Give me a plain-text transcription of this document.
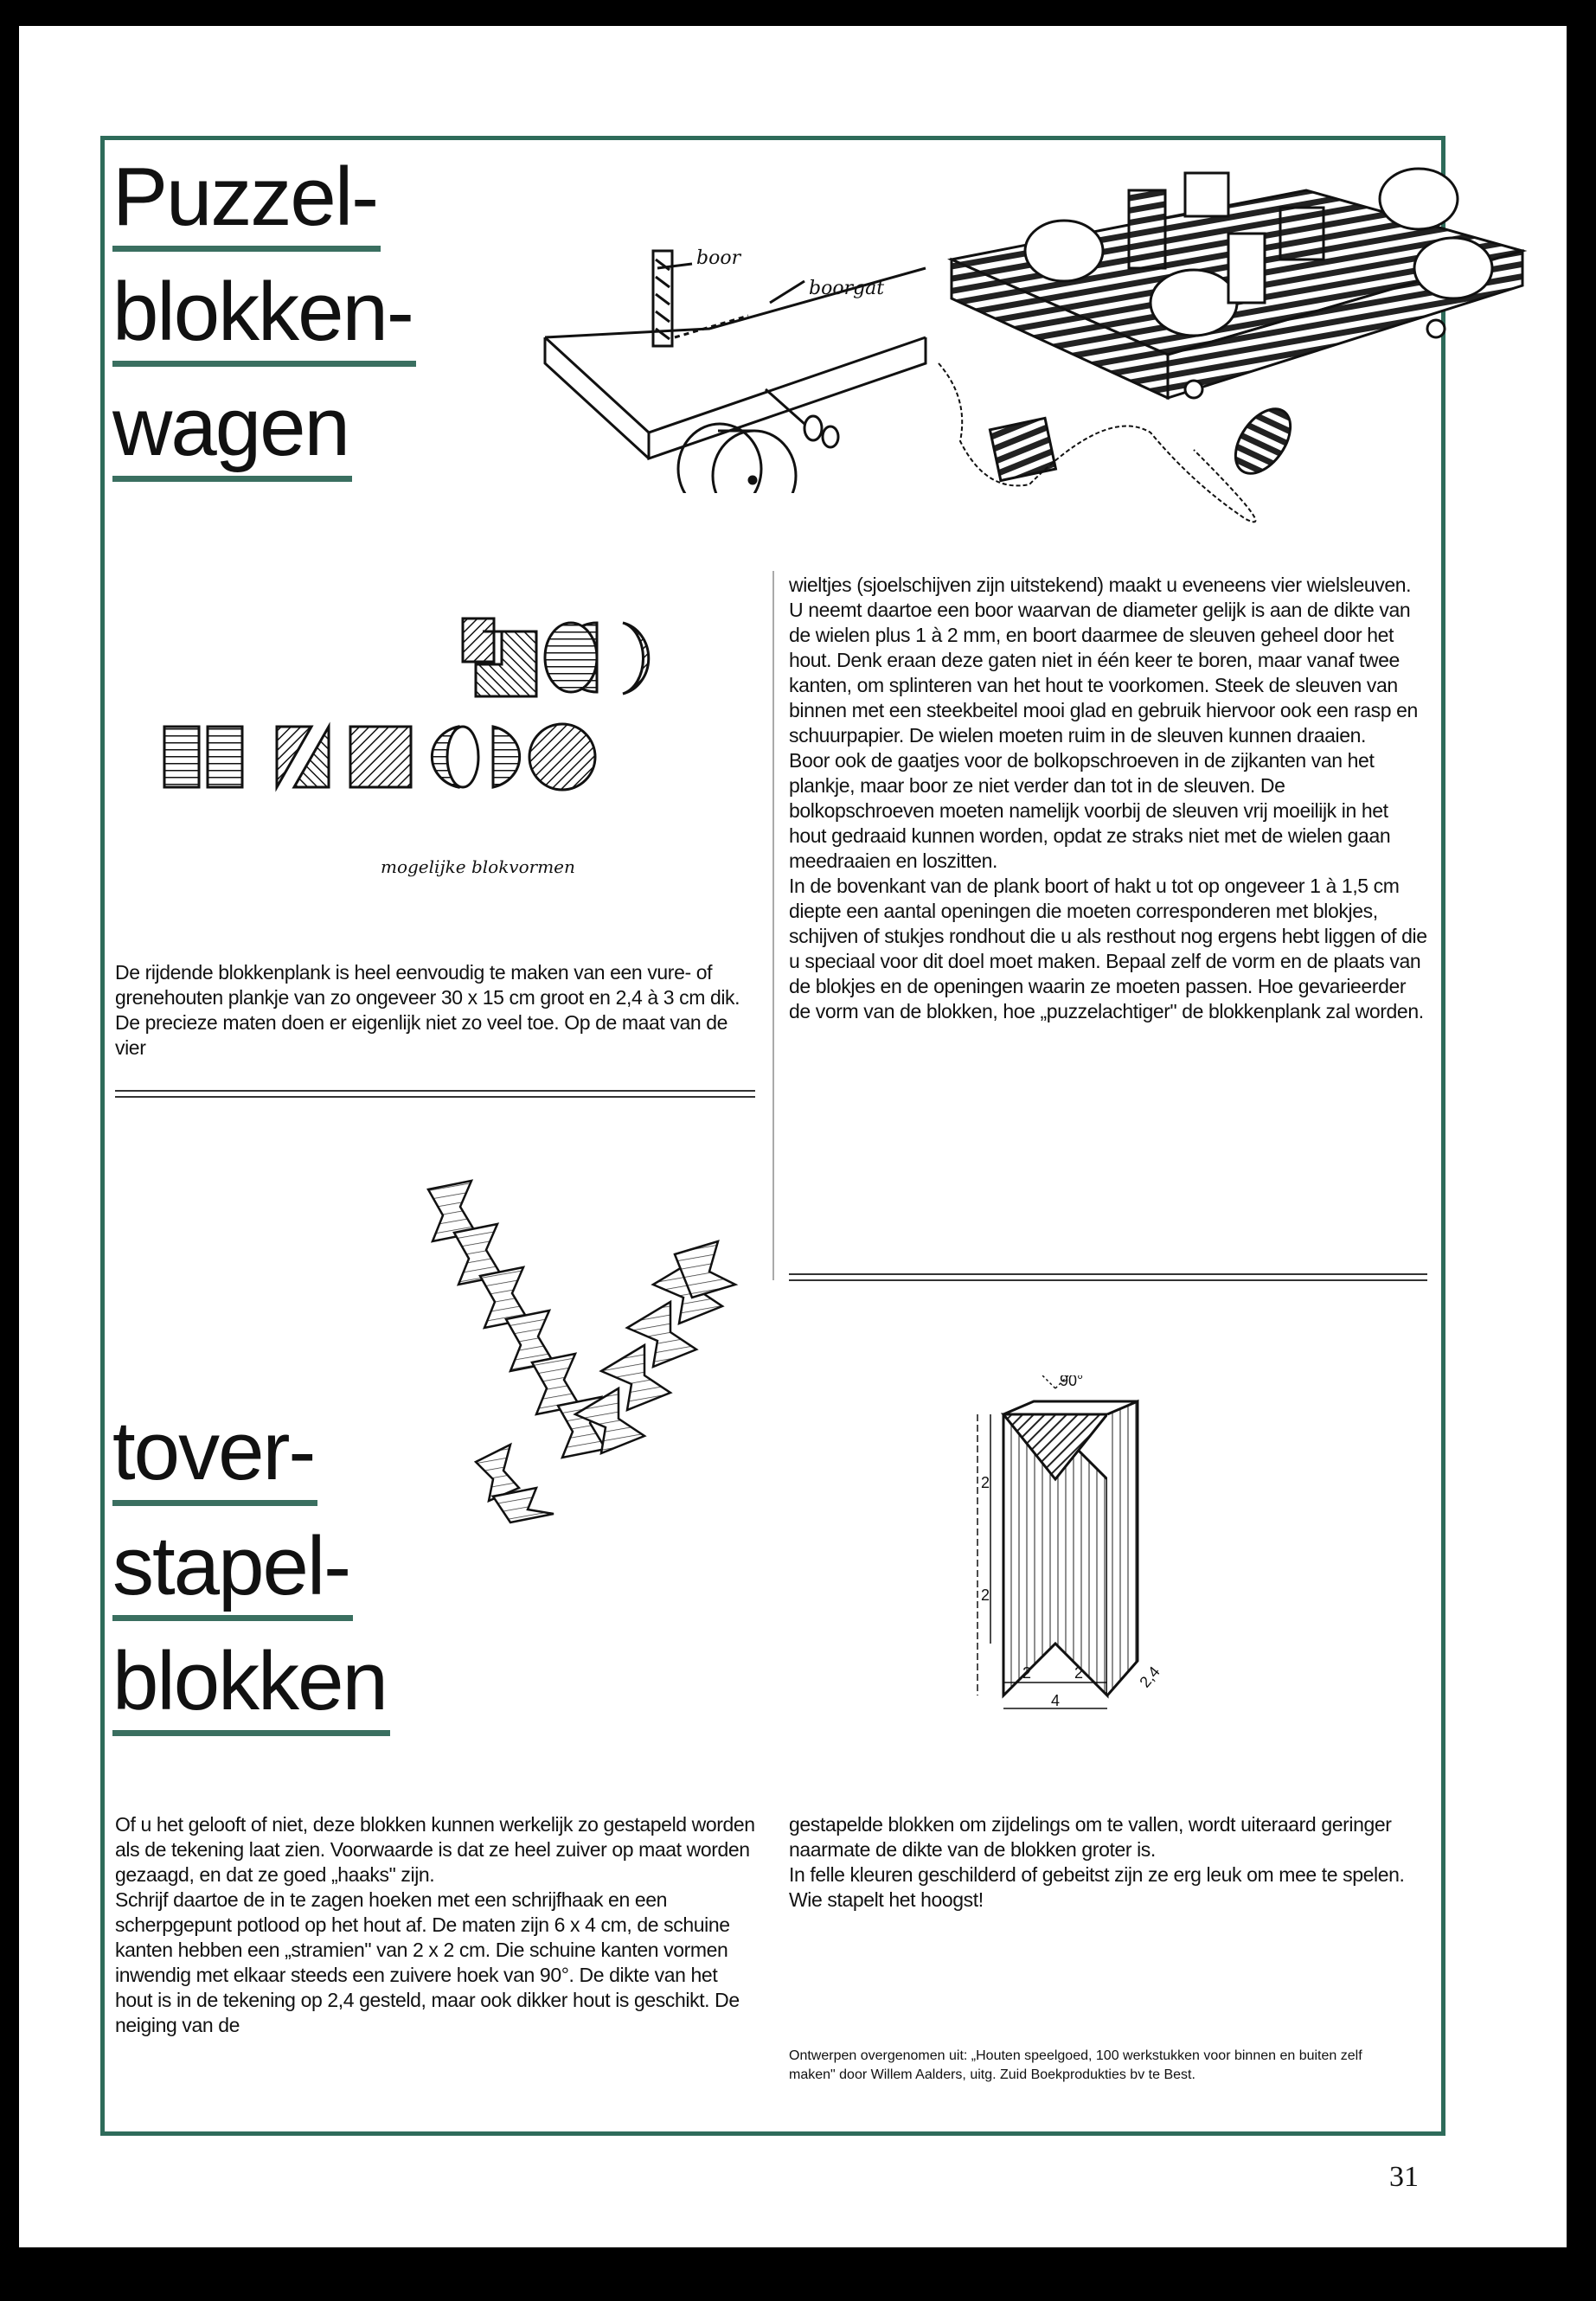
Puzzel-
blokken-
wagen
boor
boorgat
mogelijke blokvormen

De rijdende blokkenplank is heel eenvoudig te maken van een vure- of grenehouten plankje van zo ongeveer 30 x 15 cm groot en 2,4 à 3 cm dik. De precieze maten doen er eigenlijk niet zo veel toe. Op de maat van de vier

wieltjes (sjoelschijven zijn uitstekend) maakt u eveneens vier wielsleuven. U neemt daartoe een boor waarvan de diameter gelijk is aan de dikte van de wielen plus 1 à 2 mm, en boort daarmee de sleuven geheel door het hout. Denk eraan deze gaten niet in één keer te boren, maar vanaf twee kanten, om splinteren van het hout te voorkomen. Steek de sleuven van binnen met een steekbeitel mooi glad en gebruik hiervoor ook een rasp en schuurpapier. De wielen moeten ruim in de sleuven kunnen draaien.

Boor ook de gaatjes voor de bolkopschroeven in de zijkanten van het plankje, maar boor ze niet verder dan tot in de sleuven. De bolkopschroeven moeten namelijk voorbij de sleuven vrij moeilijk in het hout gedraaid kunnen worden, opdat ze straks niet met de wielen gaan meedraaien en loszitten.

In de bovenkant van de plank boort of hakt u tot op ongeveer 1 à 1,5 cm diepte een aantal openingen die moeten corresponderen met blokjes, schijven of stukjes rondhout die u als resthout nog ergens hebt liggen of die u speciaal voor dit doel moet maken. Bepaal zelf de vorm en de plaats van de blokjes en de openingen waarin ze moeten passen. Hoe gevarieerder de vorm van de blokken, hoe „puzzelachtiger" de blokkenplank zal worden.

tover-
stapel-
blokken
90°
2
2
2	2
4
2,4

Of u het gelooft of niet, deze blokken kunnen werkelijk zo gestapeld worden als de tekening laat zien. Voorwaarde is dat ze heel zuiver op maat worden gezaagd, en dat ze goed „haaks" zijn.

Schrijf daartoe de in te zagen hoeken met een schrijfhaak en een scherpgepunt potlood op het hout af. De maten zijn 6 x 4 cm, de schuine kanten hebben een „stramien" van 2 x 2 cm. Die schuine kanten vormen inwendig met elkaar steeds een zuivere hoek van 90°. De dikte van het hout is in de tekening op 2,4 gesteld, maar ook dikker hout is geschikt. De neiging van de

gestapelde blokken om zijdelings om te vallen, wordt uiteraard geringer naarmate de dikte van de blokken groter is.

In felle kleuren geschilderd of gebeitst zijn ze erg leuk om mee te spelen. Wie stapelt het hoogst!

Ontwerpen overgenomen uit: „Houten speelgoed, 100 werkstukken voor binnen en buiten zelf maken" door Willem Aalders, uitg. Zuid Boekprodukties bv te Best.
31
